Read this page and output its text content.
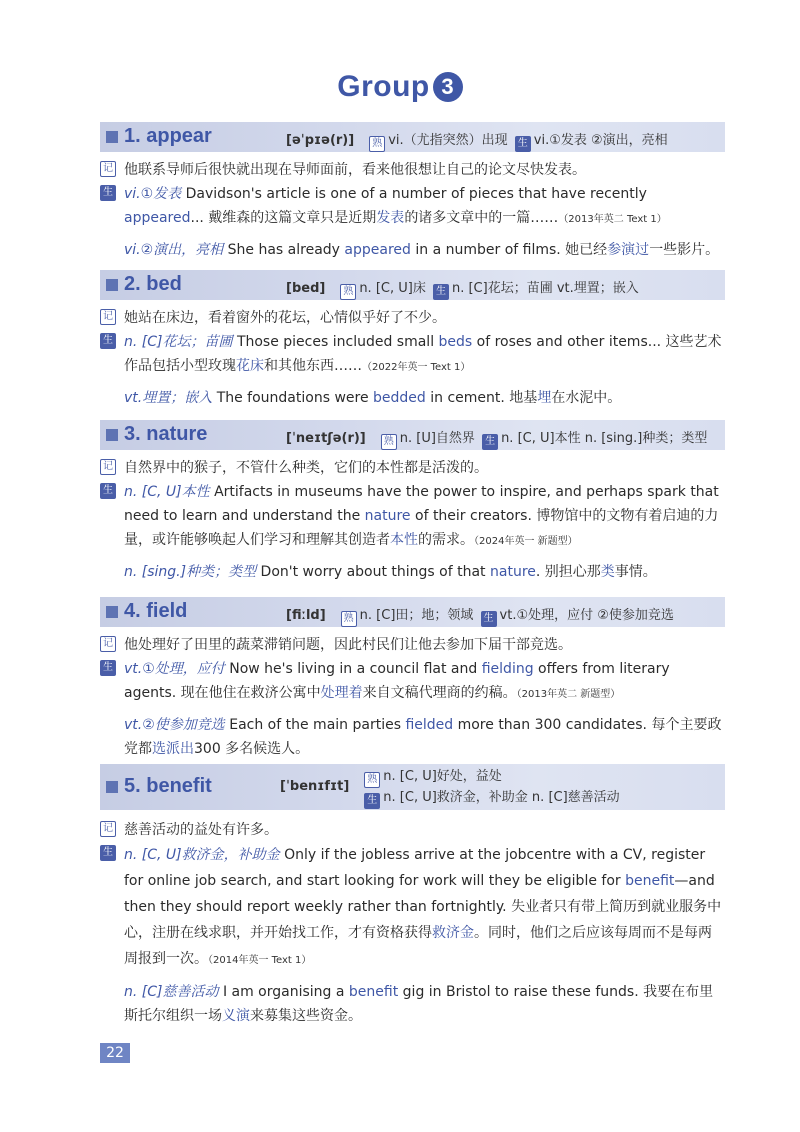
Group 3
1. appear	[əˈpɪə(r)] 熟 vi.（尤指突然）出现 生 vi.①发表 ②演出，亮相
记 他联系导师后很快就出现在导师面前，看来他很想让自己的论文尽快发表。
生 vi.①发表 Davidson's article is one of a number of pieces that have recently appeared... 戴维森的这篇文章只是近期发表的诸多文章中的一篇……（2013年英二 Text 1）
vi.②演出，亮相 She has already appeared in a number of films. 她已经参演过一些影片。
2. bed	[bed] 熟 n. [C, U]床 生 n. [C]花坛；苗圃 vt.埋置；嵌入
记 她站在床边，看着窗外的花坛，心情似乎好了不少。
生 n. [C]花坛；苗圃 Those pieces included small beds of roses and other items... 这些艺术作品包括小型玫瑰花床和其他东西……（2022年英一 Text 1）
vt.埋置；嵌入 The foundations were bedded in cement. 地基埋在水泥中。
3. nature	[ˈneɪtʃə(r)] 熟 n. [U]自然界 生 n. [C, U]本性 n. [sing.]种类；类型
记 自然界中的猴子，不管什么种类，它们的本性都是活泼的。
生 n. [C, U]本性 Artifacts in museums have the power to inspire, and perhaps spark that need to learn and understand the nature of their creators. 博物馆中的文物有着启迪的力量，或许能够唤起人们学习和理解其创造者本性的需求。（2024年英一 新题型）
n. [sing.]种类；类型 Don't worry about things of that nature. 别担心那类事情。
4. field	[fiːld] 熟 n. [C]田；地；领域 生 vt.①处理，应付 ②使参加竞选
记 他处理好了田里的蔬菜滞销问题，因此村民们让他去参加下届干部竞选。
生 vt.①处理，应付 Now he's living in a council flat and fielding offers from literary agents. 现在他住在救济公寓中处理着来自文稿代理商的约稿。（2013年英二 新题型）
vt.②使参加竞选 Each of the main parties fielded more than 300 candidates. 每个主要政党都选派出300 多名候选人。
5. benefit	[ˈbenɪfɪt] 熟 n. [C, U]好处，益处
生 n. [C, U]救济金，补助金 n. [C]慈善活动
记 慈善活动的益处有许多。
生 n. [C, U]救济金，补助金 Only if the jobless arrive at the jobcentre with a CV, register for online job search, and start looking for work will they be eligible for benefit—and then they should report weekly rather than fortnightly. 失业者只有带上简历到就业服务中心，注册在线求职，并开始找工作，才有资格获得救济金。同时，他们之后应该每周而不是每两周报到一次。（2014年英一 Text 1）
n. [C]慈善活动 I am organising a benefit gig in Bristol to raise these funds. 我要在布里斯托尔组织一场义演来募集这些资金。
22
